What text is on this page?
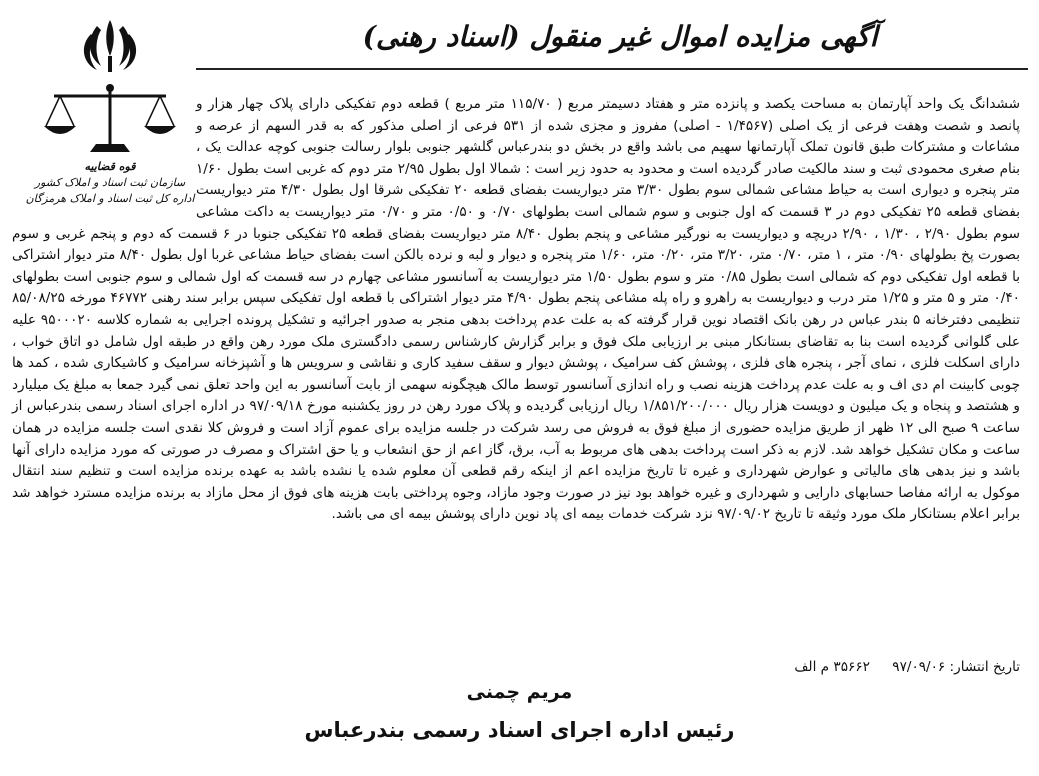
آگهی مزایده اموال غیر منقول (اسناد رهنی)
قوه قضاییه
سازمان ثبت اسناد و املاک کشور
اداره کل ثبت اسناد و املاک هرمزگان
ششدانگ یک واحد آپارتمان به مساحت یکصد و پانزده متر و هفتاد دسیمتر مربع ( ۱۱۵/۷۰ متر مربع ) قطعه دوم تفکیکی دارای پلاک چهار هزار و پانصد و شصت وهفت فرعی از یک اصلی (۱/۴۵۶۷ - اصلی) مفروز و مجزی شده از ۵۳۱ فرعی از اصلی مذکور که به قدر السهم از عرصه و مشاعات و مشترکات طبق قانون تملک آپارتمانها سهیم می باشد واقع در بخش دو بندرعباس گلشهر جنوبی بلوار رسالت جنوبی کوچه عدالت یک ، بنام صغری محمودی ثبت و سند مالکیت صادر گردیده است و محدود به حدود زیر است : شمالا اول بطول ۲/۹۵ متر دوم که غربی است بطول ۱/۶۰ متر پنجره و دیواری است به حیاط مشاعی شمالی سوم بطول ۳/۳۰ متر دیواریست بفضای قطعه ۲۰ تفکیکی شرقا اول بطول ۴/۳۰ متر دیواریست بفضای قطعه ۲۵ تفکیکی دوم در ۳ قسمت که اول جنوبی و سوم شمالی است بطولهای ۰/۷۰ و ۰/۵۰ متر و ۰/۷۰ متر دیواریست به داکت مشاعی سوم بطول ۲/۹۰ ، ۱/۳۰ ، ۲/۹۰ دریچه و دیواریست به نورگیر مشاعی و پنجم بطول ۸/۴۰ متر دیواریست بفضای قطعه ۲۵ تفکیکی جنوبا در ۶ قسمت که دوم و پنجم غربی و سوم بصورت پخ بطولهای ۰/۹۰ متر ، ۱ متر، ۰/۷۰ متر، ۳/۲۰ متر، ۰/۲۰ متر، ۱/۶۰ متر پنجره و دیوار و لبه و نرده بالکن است بفضای حیاط مشاعی غربا اول بطول ۸/۴۰ متر دیوار اشتراکی با قطعه اول تفکیکی دوم که شمالی است بطول ۰/۸۵ متر و سوم بطول ۱/۵۰ متر دیواریست به آسانسور مشاعی چهارم در سه قسمت که اول شمالی و سوم جنوبی است بطولهای ۰/۴۰ متر و ۵ متر و ۱/۲۵ متر درب و دیواریست به راهرو و راه پله مشاعی پنجم بطول ۴/۹۰ متر دیوار اشتراکی با قطعه اول تفکیکی سپس برابر سند رهنی ۴۶۷۷۲ مورخه ۸۵/۰۸/۲۵ تنظیمی دفترخانه ۵ بندر عباس در رهن بانک اقتصاد نوین قرار گرفته که به علت عدم پرداخت بدهی منجر به صدور اجرائیه و تشکیل پرونده اجرایی به شماره کلاسه ۹۵۰۰۰۲۰ علیه علی گلوانی گردیده است بنا به تقاضای بستانکار مبنی بر ارزیابی ملک فوق و برابر گزارش کارشناس رسمی دادگستری ملک مورد رهن واقع در طبقه اول شامل دو اتاق خواب ، دارای اسکلت فلزی ، نمای آجر ، پنجره های فلزی ، پوشش کف سرامیک ، پوشش دیوار و سقف سفید کاری و نقاشی و سرویس ها و آشپزخانه سرامیک و کاشیکاری شده ، کمد ها چوبی کابینت ام دی اف و به علت عدم پرداخت هزینه نصب و راه اندازی آسانسور توسط مالک هیچگونه سهمی از بابت آسانسور به این واحد تعلق نمی گیرد جمعا به مبلغ یک میلیارد و هشتصد و پنجاه و یک میلیون و دویست هزار ریال ۱/۸۵۱/۲۰۰/۰۰۰ ریال ارزیابی گردیده و پلاک مورد رهن در روز یکشنبه مورخ ۹۷/۰۹/۱۸ در اداره اجرای اسناد رسمی بندرعباس از ساعت ۹ صبح الی ۱۲ ظهر از طریق مزایده حضوری از مبلغ فوق به فروش می رسد شرکت در جلسه مزایده برای عموم آزاد است و فروش کلا نقدی است جلسه مزایده در همان ساعت و مکان تشکیل خواهد شد. لازم به ذکر است پرداخت بدهی های مربوط به آب، برق، گاز اعم از حق انشعاب و یا حق اشتراک و مصرف در صورتی که مورد مزایده دارای آنها باشد و نیز بدهی های مالیاتی و عوارض شهرداری و غیره تا تاریخ مزایده اعم از اینکه رقم قطعی آن معلوم شده یا نشده باشد به عهده برنده مزایده است و تنظیم سند انتقال موکول به ارائه مفاصا حسابهای دارایی و شهرداری و غیره خواهد بود نیز در صورت وجود مازاد، وجوه پرداختی بابت هزینه های فوق از محل مازاد به برنده مزایده مسترد خواهد شد برابر اعلام بستانکار ملک مورد وثیقه تا تاریخ ۹۷/۰۹/۰۲ نزد شرکت خدمات بیمه ای پاد نوین دارای پوشش بیمه ای می باشد.
تاریخ انتشار: ۹۷/۰۹/۰۶ ۳۵۶۶۲ م الف
مریم چمنی
رئیس اداره اجرای اسناد رسمی بندرعباس
